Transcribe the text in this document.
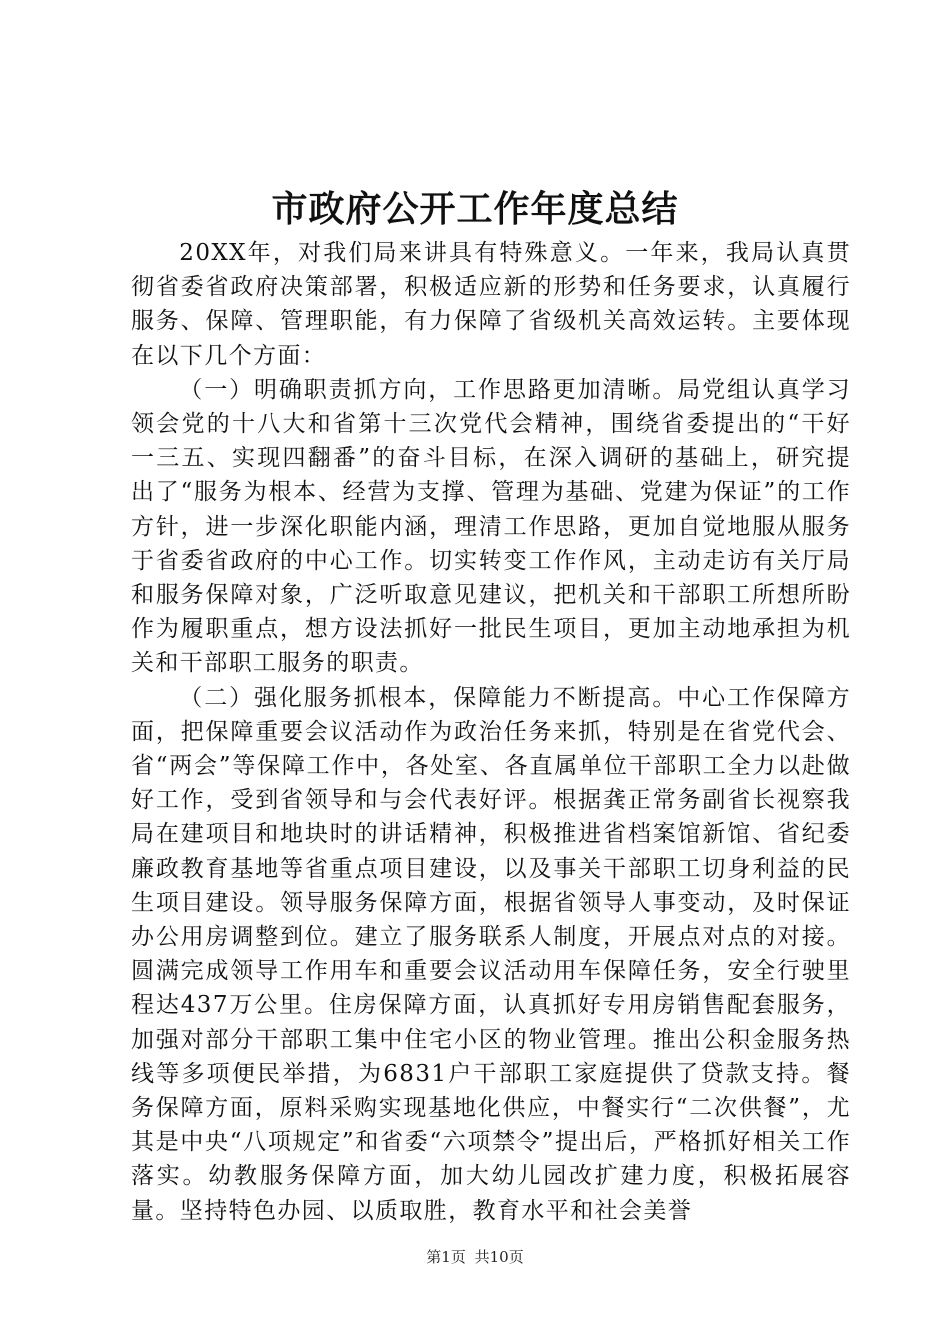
市政府公开工作年度总结

20XX年，对我们局来讲具有特殊意义。一年来，我局认真贯彻省委省政府决策部署，积极适应新的形势和任务要求，认真履行服务、保障、管理职能，有力保障了省级机关高效运转。主要体现在以下几个方面：

（一）明确职责抓方向，工作思路更加清晰。局党组认真学习领会党的十八大和省第十三次党代会精神，围绕省委提出的“干好一三五、实现四翻番”的奋斗目标，在深入调研的基础上，研究提出了“服务为根本、经营为支撑、管理为基础、党建为保证”的工作方针，进一步深化职能内涵，理清工作思路，更加自觉地服从服务于省委省政府的中心工作。切实转变工作作风，主动走访有关厅局和服务保障对象，广泛听取意见建议，把机关和干部职工所想所盼作为履职重点，想方设法抓好一批民生项目，更加主动地承担为机关和干部职工服务的职责。

（二）强化服务抓根本，保障能力不断提高。中心工作保障方面，把保障重要会议活动作为政治任务来抓，特别是在省党代会、省“两会”等保障工作中，各处室、各直属单位干部职工全力以赴做好工作，受到省领导和与会代表好评。根据龚正常务副省长视察我局在建项目和地块时的讲话精神，积极推进省档案馆新馆、省纪委廉政教育基地等省重点项目建设，以及事关干部职工切身利益的民生项目建设。领导服务保障方面，根据省领导人事变动，及时保证办公用房调整到位。建立了服务联系人制度，开展点对点的对接。圆满完成领导工作用车和重要会议活动用车保障任务，安全行驶里程达437万公里。住房保障方面，认真抓好专用房销售配套服务，加强对部分干部职工集中住宅小区的物业管理。推出公积金服务热线等多项便民举措，为6831户干部职工家庭提供了贷款支持。餐务保障方面，原料采购实现基地化供应，中餐实行“二次供餐”，尤其是中央“八项规定”和省委“六项禁令”提出后，严格抓好相关工作落实。幼教服务保障方面，加大幼儿园改扩建力度，积极拓展容量。坚持特色办园、以质取胜，教育水平和社会美誉

第1页 共10页
